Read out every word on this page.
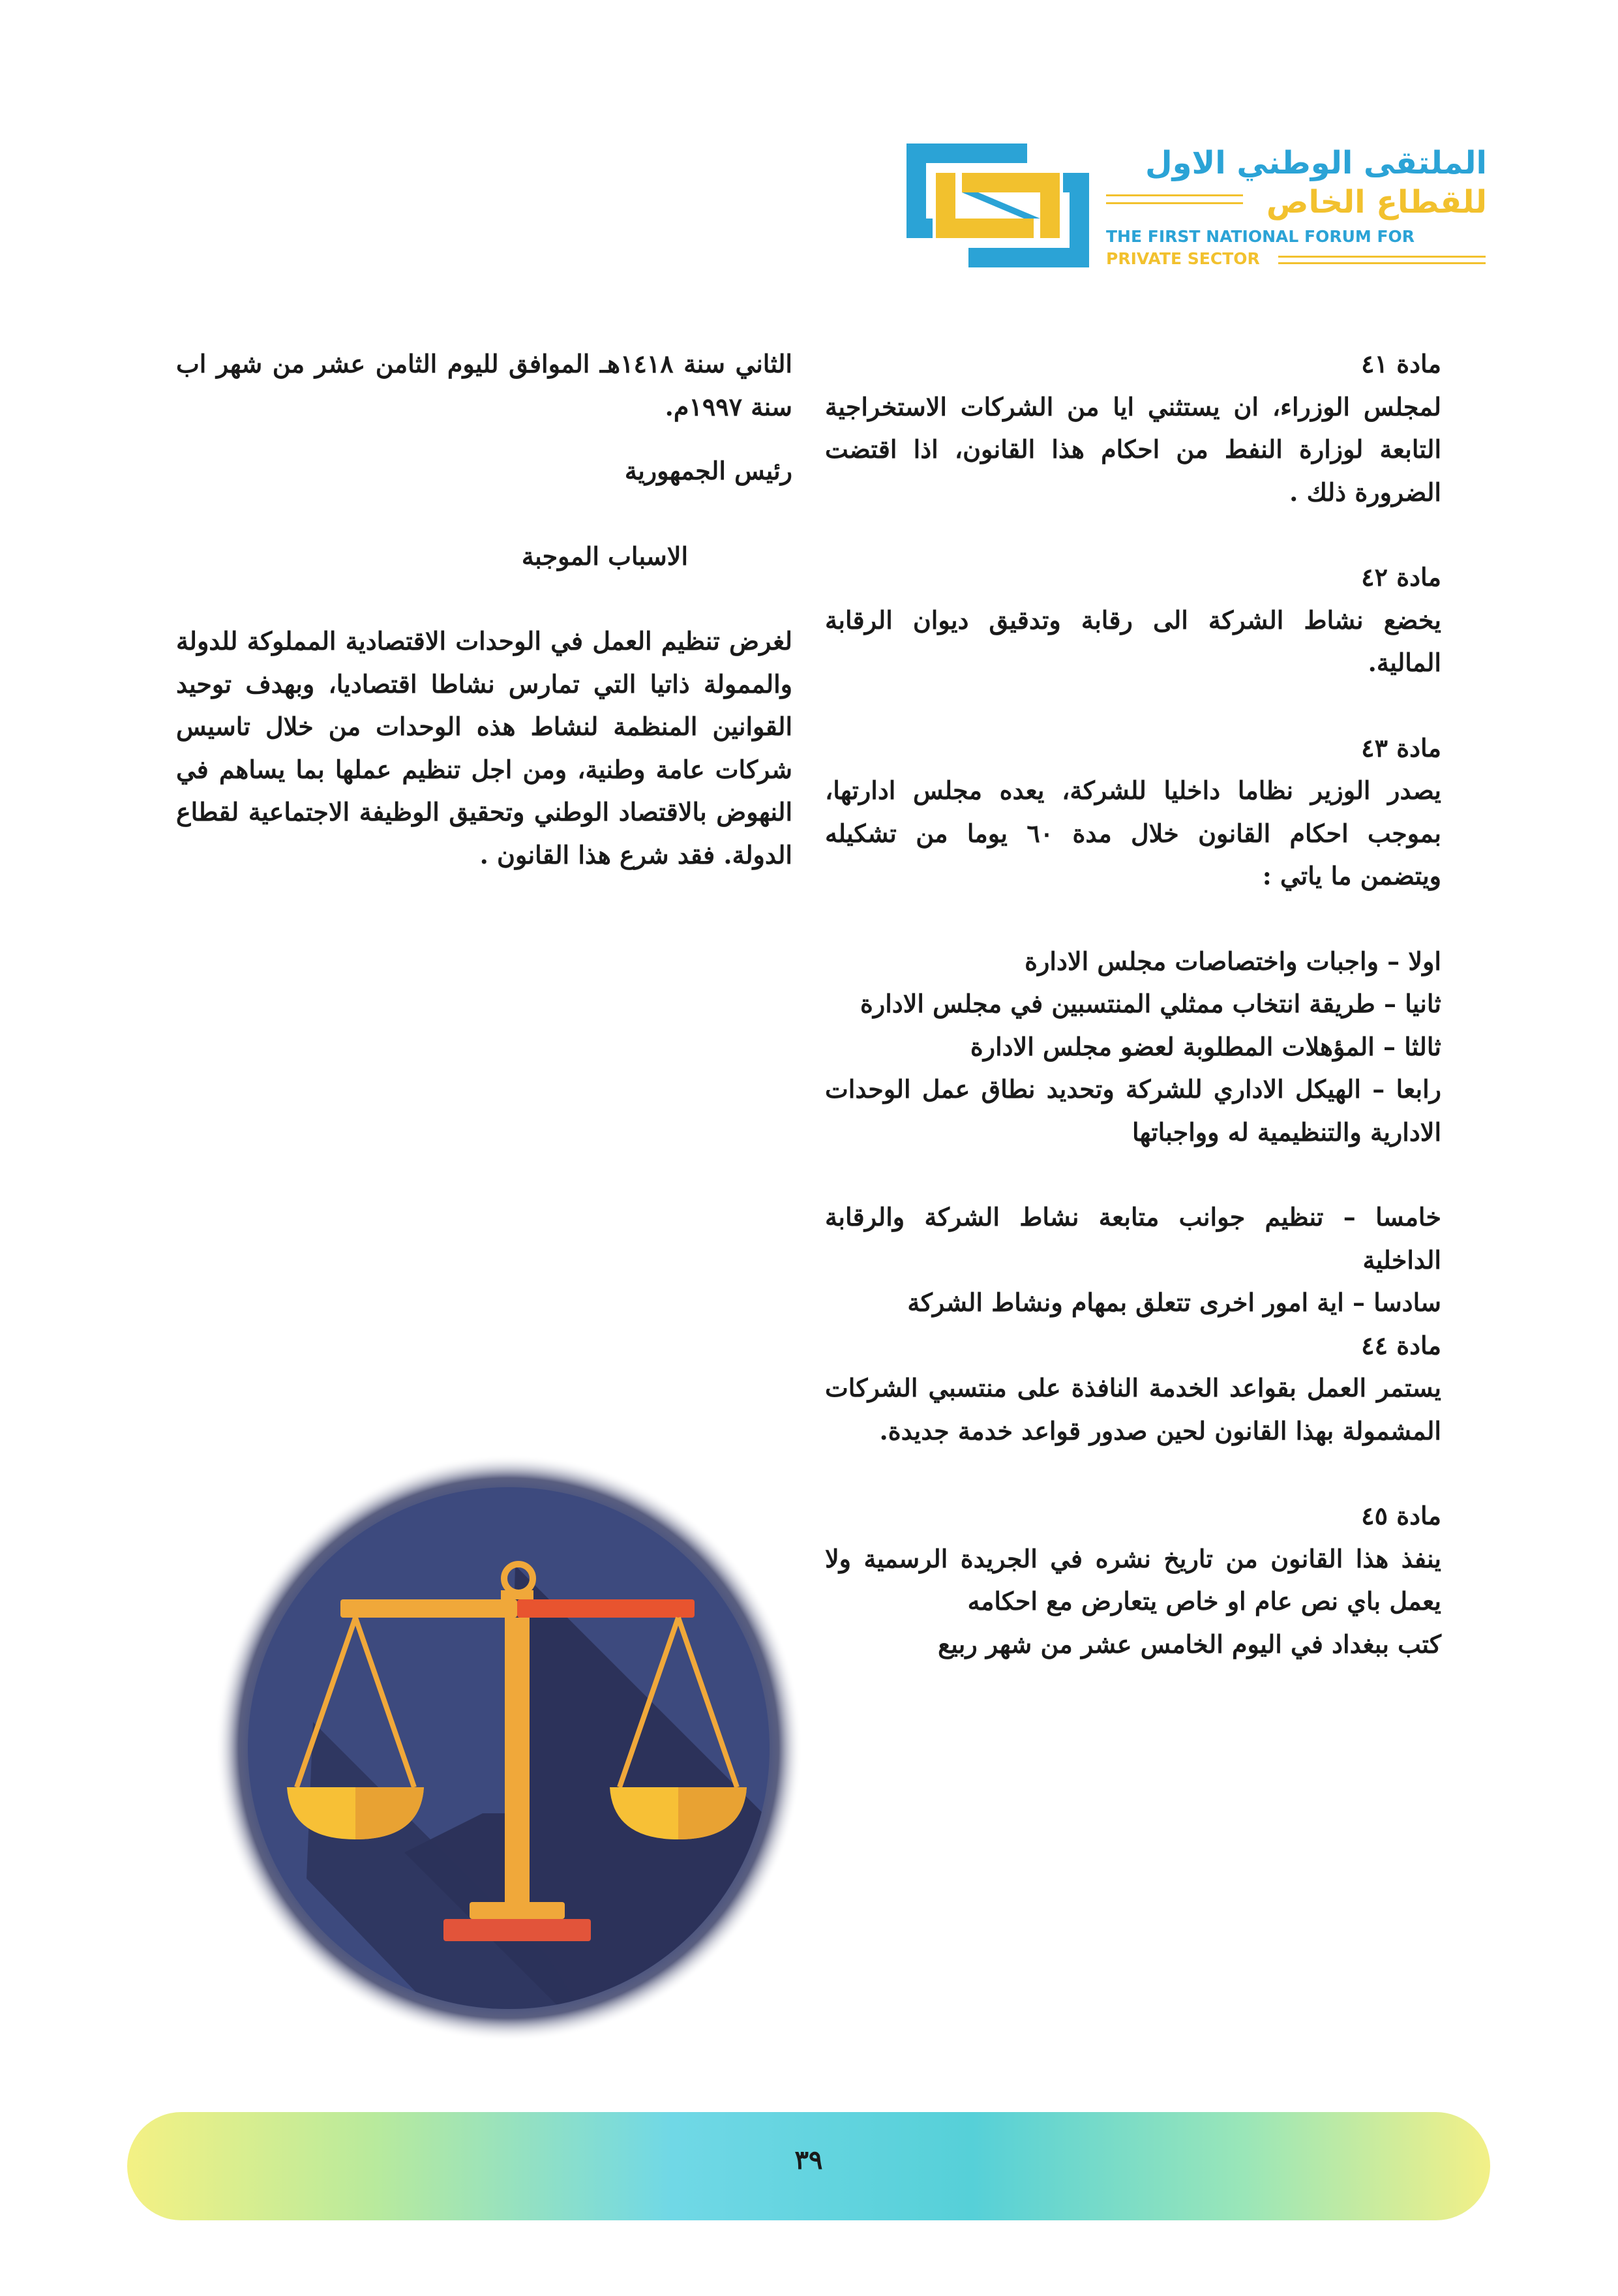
الملتقى الوطني الاول
للقطاع الخاص
THE FIRST NATIONAL FORUM FOR
PRIVATE SECTOR

مادة ٤١

لمجلس الوزراء، ان يستثني ايا من الشركات الاستخراجية التابعة لوزارة النفط من احكام هذا القانون، اذا اقتضت الضرورة ذلك .

مادة ٤٢

يخضع نشاط الشركة الى رقابة وتدقيق ديوان الرقابة المالية.

مادة ٤٣

يصدر الوزير نظاما داخليا للشركة، يعده مجلس ادارتها، بموجب احكام القانون خلال مدة ٦٠ يوما من تشكيله ويتضمن ما ياتي :

اولا – واجبات واختصاصات مجلس الادارة

ثانيا – طريقة انتخاب ممثلي المنتسبين في مجلس الادارة

ثالثا – المؤهلات المطلوبة لعضو مجلس الادارة

رابعا – الهيكل الاداري للشركة وتحديد نطاق عمل الوحدات الادارية والتنظيمية له وواجباتها

خامسا – تنظيم جوانب متابعة نشاط الشركة والرقابة الداخلية

سادسا – اية امور اخرى تتعلق بمهام ونشاط الشركة

مادة ٤٤

يستمر العمل بقواعد الخدمة النافذة على منتسبي الشركات المشمولة بهذا القانون لحين صدور قواعد خدمة جديدة.

مادة ٤٥

ينفذ هذا القانون من تاريخ نشره في الجريدة الرسمية ولا يعمل باي نص عام او خاص يتعارض مع احكامه

كتب ببغداد في اليوم الخامس عشر من شهر ربيع

الثاني سنة ١٤١٨هـ الموافق لليوم الثامن عشر من شهر اب سنة ١٩٩٧م.

رئيس الجمهورية

الاسباب الموجبة

لغرض تنظيم العمل في الوحدات الاقتصادية المملوكة للدولة والممولة ذاتيا التي تمارس نشاطا اقتصاديا، وبهدف توحيد القوانين المنظمة لنشاط هذه الوحدات من خلال تاسيس شركات عامة وطنية، ومن اجل تنظيم عملها بما يساهم في النهوض بالاقتصاد الوطني وتحقيق الوظيفة الاجتماعية لقطاع الدولة. فقد شرع هذا القانون .

٣٩
